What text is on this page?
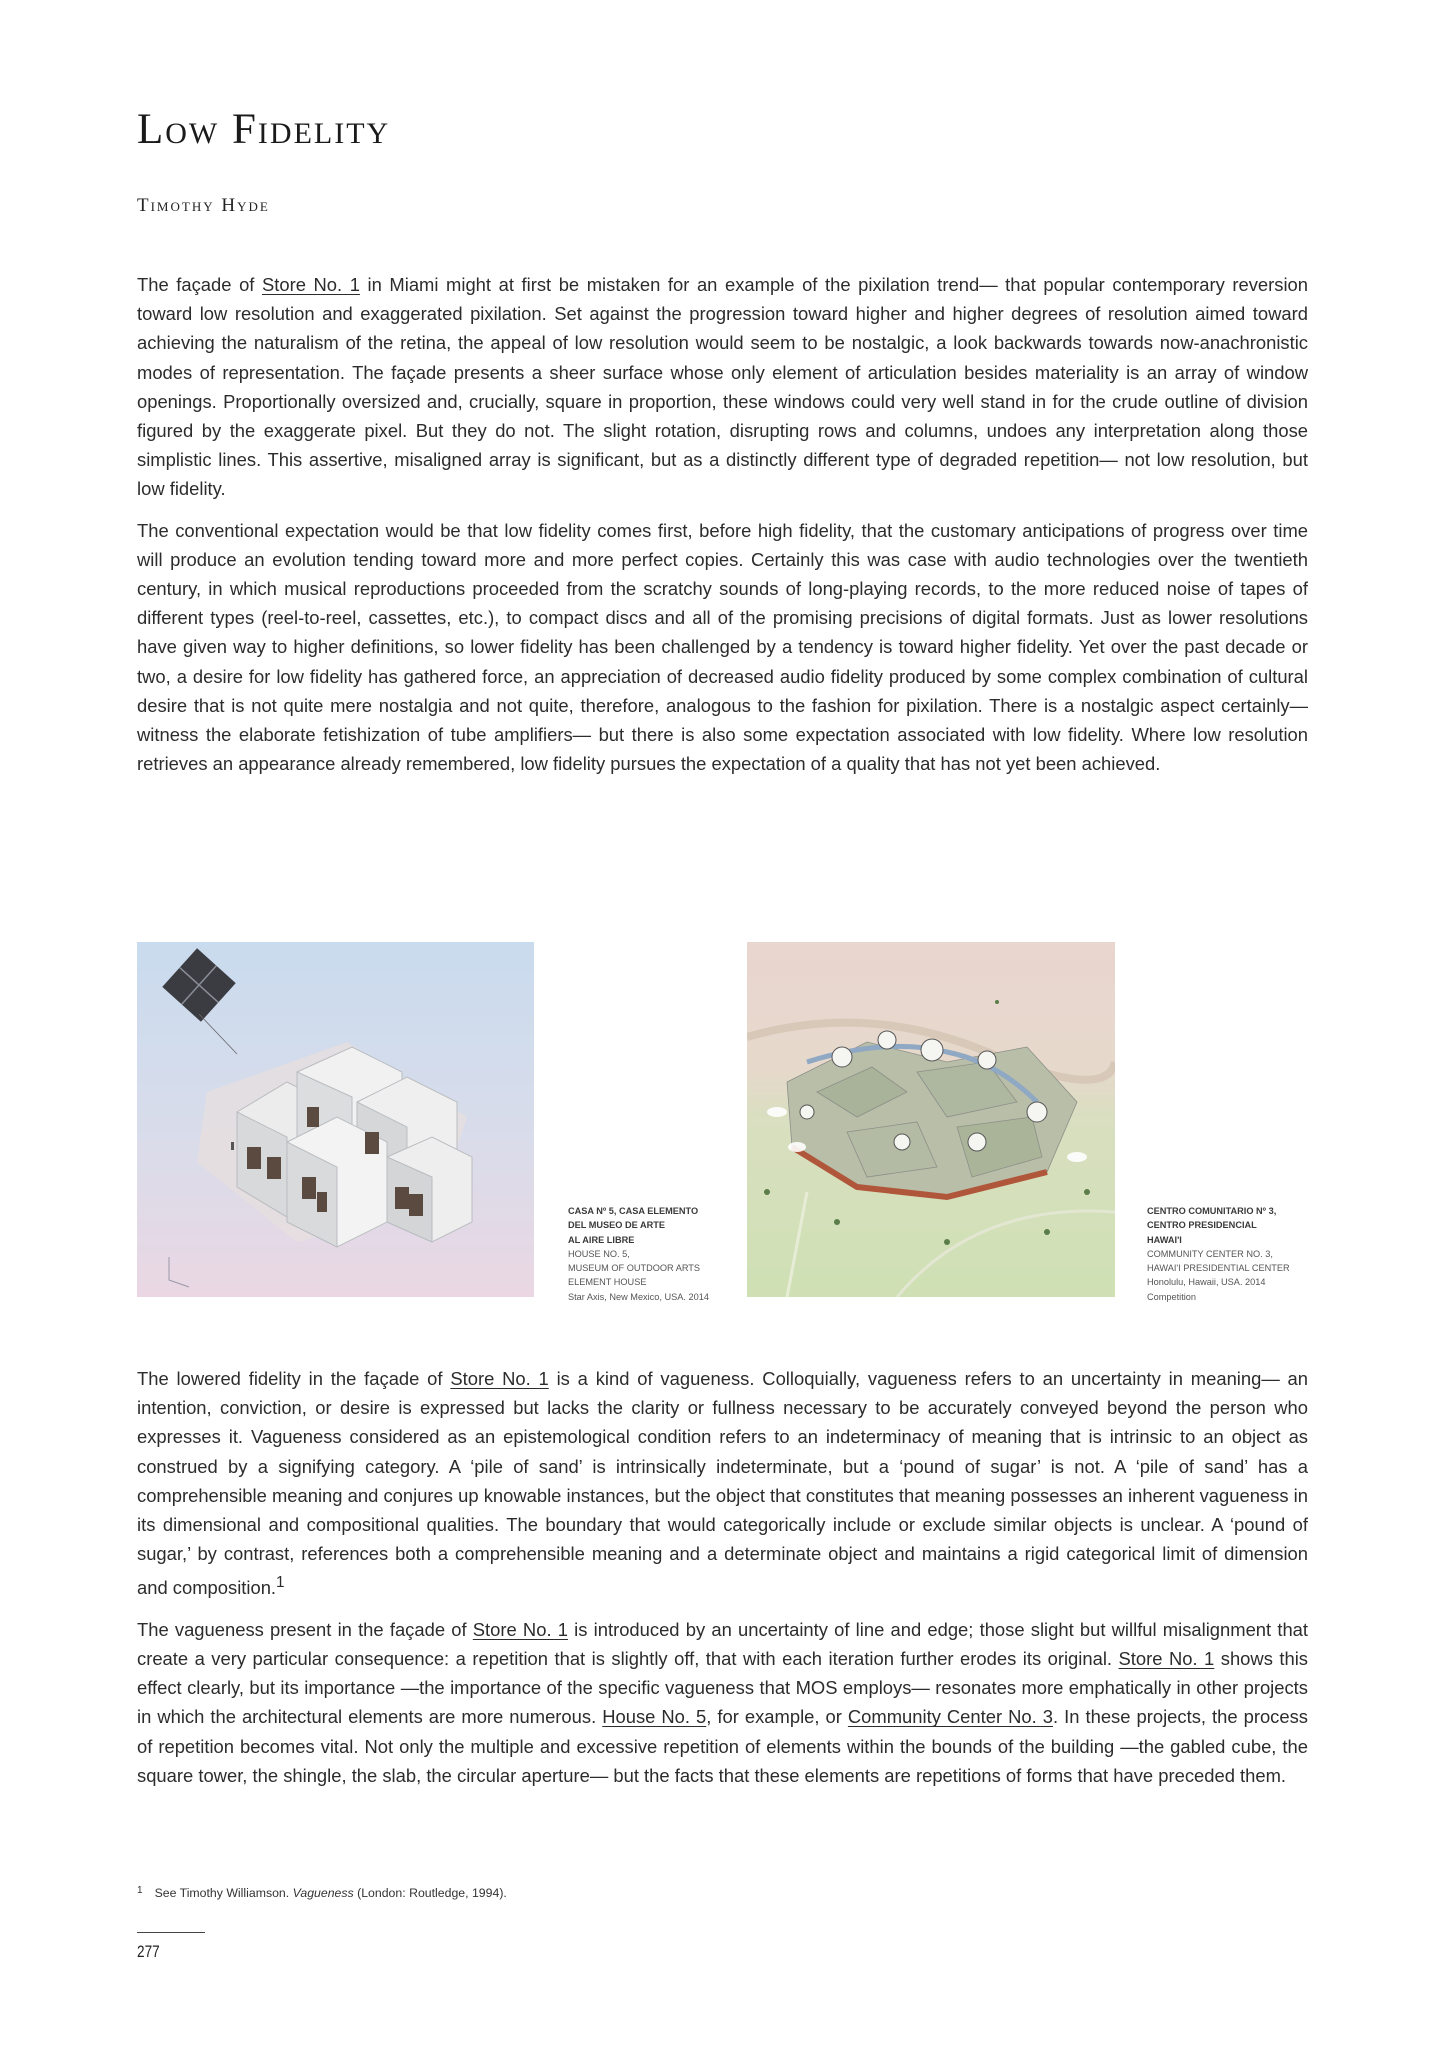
Low Fidelity
Timothy Hyde

The façade of Store No. 1 in Miami might at first be mistaken for an example of the pixilation trend— that popular contemporary reversion toward low resolution and exaggerated pixilation. Set against the progression toward higher and higher degrees of resolution aimed toward achieving the naturalism of the retina, the appeal of low resolution would seem to be nostalgic, a look backwards towards now-anachronistic modes of representation. The façade presents a sheer surface whose only element of articulation besides materiality is an array of window openings. Proportionally oversized and, crucially, square in proportion, these windows could very well stand in for the crude outline of division figured by the exaggerate pixel. But they do not. The slight rotation, disrupting rows and columns, undoes any interpretation along those simplistic lines. This assertive, misaligned array is significant, but as a distinctly different type of degraded repetition— not low resolution, but low fidelity.

The conventional expectation would be that low fidelity comes first, before high fidelity, that the customary anticipations of progress over time will produce an evolution tending toward more and more perfect copies. Certainly this was case with audio technologies over the twentieth century, in which musical reproductions proceeded from the scratchy sounds of long-playing records, to the more reduced noise of tapes of different types (reel-to-reel, cassettes, etc.), to compact discs and all of the promising precisions of digital formats. Just as lower resolutions have given way to higher definitions, so lower fidelity has been challenged by a tendency is toward higher fidelity. Yet over the past decade or two, a desire for low fidelity has gathered force, an appreciation of decreased audio fidelity produced by some complex combination of cultural desire that is not quite mere nostalgia and not quite, therefore, analogous to the fashion for pixilation. There is a nostalgic aspect certainly—witness the elaborate fetishization of tube amplifiers— but there is also some expectation associated with low fidelity. Where low resolution retrieves an appearance already remembered, low fidelity pursues the expectation of a quality that has not yet been achieved.

CASA Nº 5, CASA ELEMENTO
DEL MUSEO DE ARTE
AL AIRE LIBRE
HOUSE NO. 5,
MUSEUM OF OUTDOOR ARTS
ELEMENT HOUSE
Star Axis, New Mexico, USA. 2014
CENTRO COMUNITARIO Nº 3,
CENTRO PRESIDENCIAL
HAWAI'I
COMMUNITY CENTER NO. 3,
HAWAI'I PRESIDENTIAL CENTER
Honolulu, Hawaii, USA. 2014
Competition

The lowered fidelity in the façade of Store No. 1 is a kind of vagueness. Colloquially, vagueness refers to an uncertainty in meaning— an intention, conviction, or desire is expressed but lacks the clarity or fullness necessary to be accurately conveyed beyond the person who expresses it. Vagueness considered as an epistemological condition refers to an indeterminacy of meaning that is intrinsic to an object as construed by a signifying category. A ‘pile of sand’ is intrinsically indeterminate, but a ‘pound of sugar’ is not. A ‘pile of sand’ has a comprehensible meaning and conjures up knowable instances, but the object that constitutes that meaning possesses an inherent vagueness in its dimensional and compositional qualities. The boundary that would categorically include or exclude similar objects is unclear. A ‘pound of sugar,’ by contrast, references both a comprehensible meaning and a determinate object and maintains a rigid categorical limit of dimension and composition.$^1$

The vagueness present in the façade of Store No. 1 is introduced by an uncertainty of line and edge; those slight but willful misalignment that create a very particular consequence: a repetition that is slightly off, that with each iteration further erodes its original. Store No. 1 shows this effect clearly, but its importance —the importance of the specific vagueness that MOS employs— resonates more emphatically in other projects in which the architectural elements are more numerous. House No. 5, for example, or Community Center No. 3. In these projects, the process of repetition becomes vital. Not only the multiple and excessive repetition of elements within the bounds of the building —the gabled cube, the square tower, the shingle, the slab, the circular aperture— but the facts that these elements are repetitions of forms that have preceded them.

$^1$ See Timothy Williamson. Vagueness (London: Routledge, 1994).
277
